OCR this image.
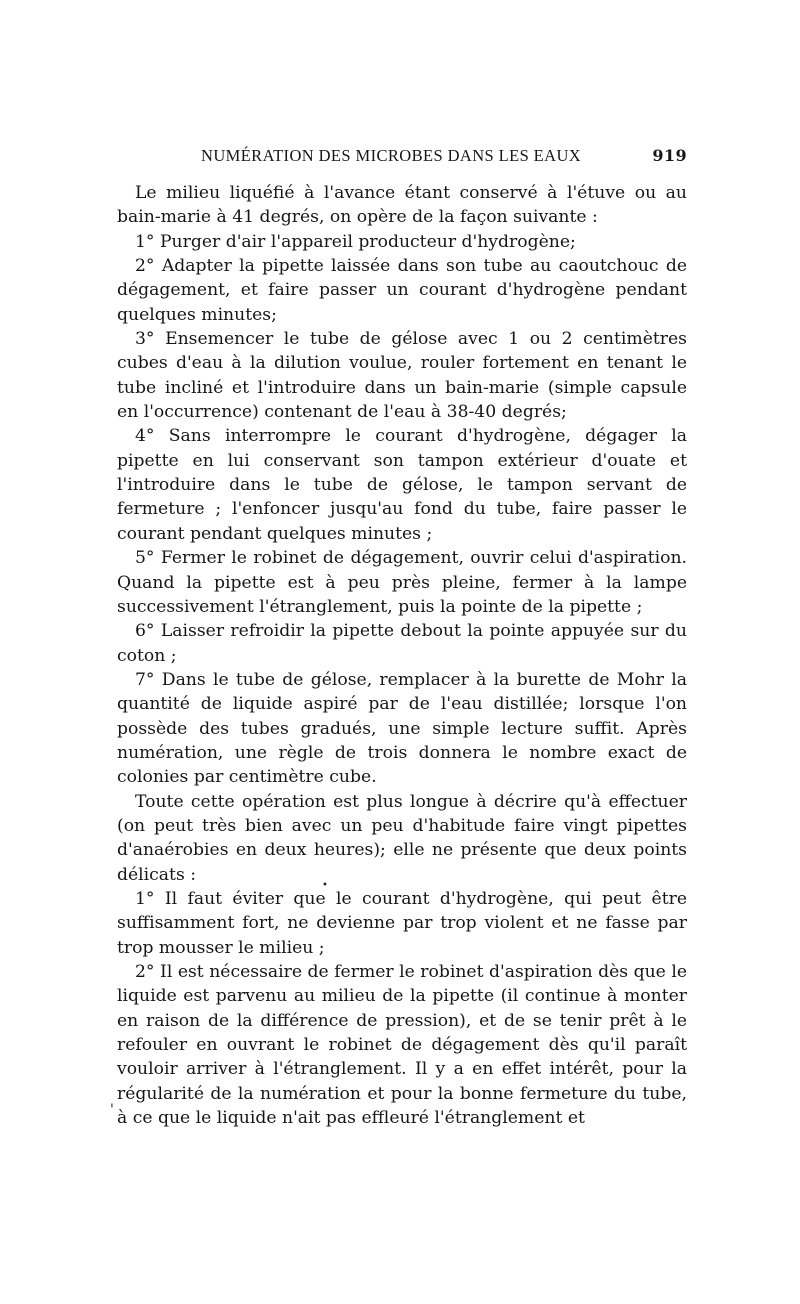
NUMÉRATION DES MICROBES DANS LES EAUX	919

Le milieu liquéfié à l'avance étant conservé à l'étuve ou au bain-marie à 41 degrés, on opère de la façon suivante :

1° Purger d'air l'appareil producteur d'hydrogène;

2° Adapter la pipette laissée dans son tube au caoutchouc de dégagement, et faire passer un courant d'hydrogène pendant quelques minutes;

3° Ensemencer le tube de gélose avec 1 ou 2 centimètres cubes d'eau à la dilution voulue, rouler fortement en tenant le tube incliné et l'introduire dans un bain-marie (simple capsule en l'occurrence) contenant de l'eau à 38-40 degrés;

4° Sans interrompre le courant d'hydrogène, dégager la pipette en lui conservant son tampon extérieur d'ouate et l'introduire dans le tube de gélose, le tampon servant de fermeture ; l'enfoncer jusqu'au fond du tube, faire passer le courant pendant quelques minutes ;

5° Fermer le robinet de dégagement, ouvrir celui d'aspiration. Quand la pipette est à peu près pleine, fermer à la lampe successivement l'étranglement, puis la pointe de la pipette ;

6° Laisser refroidir la pipette debout la pointe appuyée sur du coton ;

7° Dans le tube de gélose, remplacer à la burette de Mohr la quantité de liquide aspiré par de l'eau distillée; lorsque l'on possède des tubes gradués, une simple lecture suffit. Après numération, une règle de trois donnera le nombre exact de colonies par centimètre cube.

Toute cette opération est plus longue à décrire qu'à effectuer (on peut très bien avec un peu d'habitude faire vingt pipettes d'anaérobies en deux heures); elle ne présente que deux points délicats :

1° Il faut éviter que le courant d'hydrogène, qui peut être suffisamment fort, ne devienne par trop violent et ne fasse par trop mousser le milieu ;

2° Il est nécessaire de fermer le robinet d'aspiration dès que le liquide est parvenu au milieu de la pipette (il continue à monter en raison de la différence de pression), et de se tenir prêt à le refouler en ouvrant le robinet de dégagement dès qu'il paraît vouloir arriver à l'étranglement. Il y a en effet intérêt, pour la régularité de la numération et pour la bonne fermeture du tube, à ce que le liquide n'ait pas effleuré l'étranglement et

'
•
